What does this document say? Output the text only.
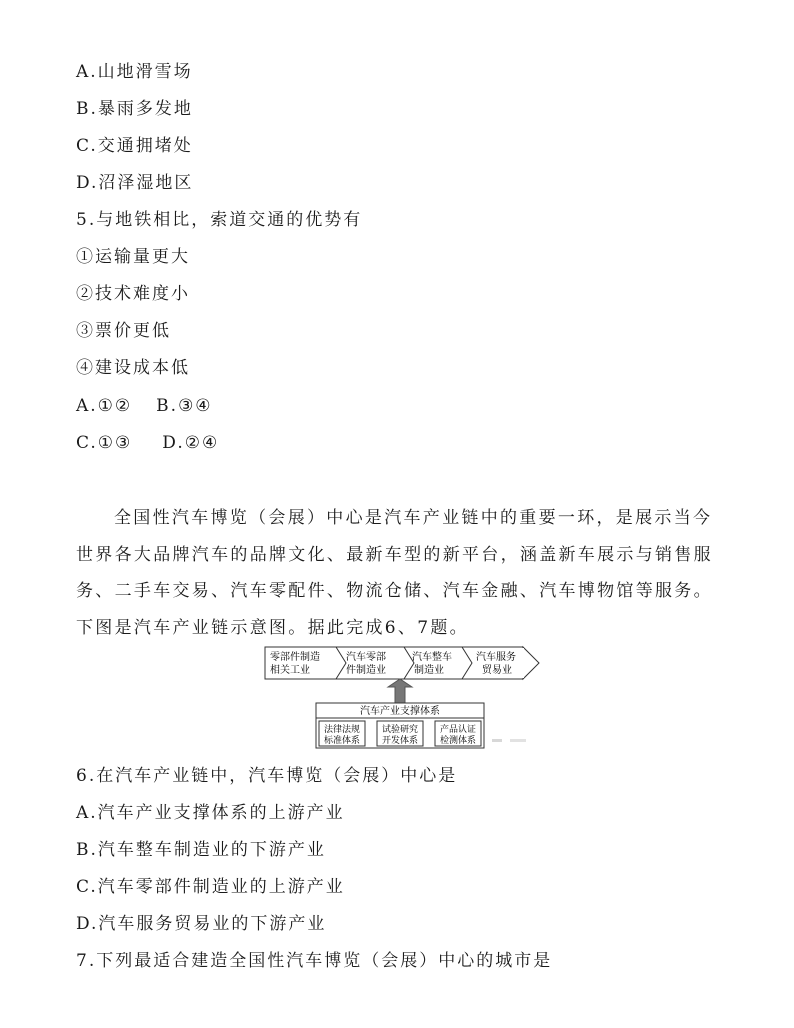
A.山地滑雪场
B.暴雨多发地
C.交通拥堵处
D.沼泽湿地区
5.与地铁相比，索道交通的优势有
①运输量更大
②技术难度小
③票价更低
④建设成本低
A.①② B.③④
C.①③ D.②④
全国性汽车博览（会展）中心是汽车产业链中的重要一环，是展示当今世界各大品牌汽车的品牌文化、最新车型的新平台，涵盖新车展示与销售服务、二手车交易、汽车零配件、物流仓储、汽车金融、汽车博物馆等服务。下图是汽车产业链示意图。据此完成6、7题。
零部件制造
相关工业
汽车零部
件制造业
汽车整车
制造业
汽车服务
贸易业
汽车产业支撑体系
法律法规
标准体系
试验研究
开发体系
产品认证
检测体系
6.在汽车产业链中，汽车博览（会展）中心是
A.汽车产业支撑体系的上游产业
B.汽车整车制造业的下游产业
C.汽车零部件制造业的上游产业
D.汽车服务贸易业的下游产业
7.下列最适合建造全国性汽车博览（会展）中心的城市是
